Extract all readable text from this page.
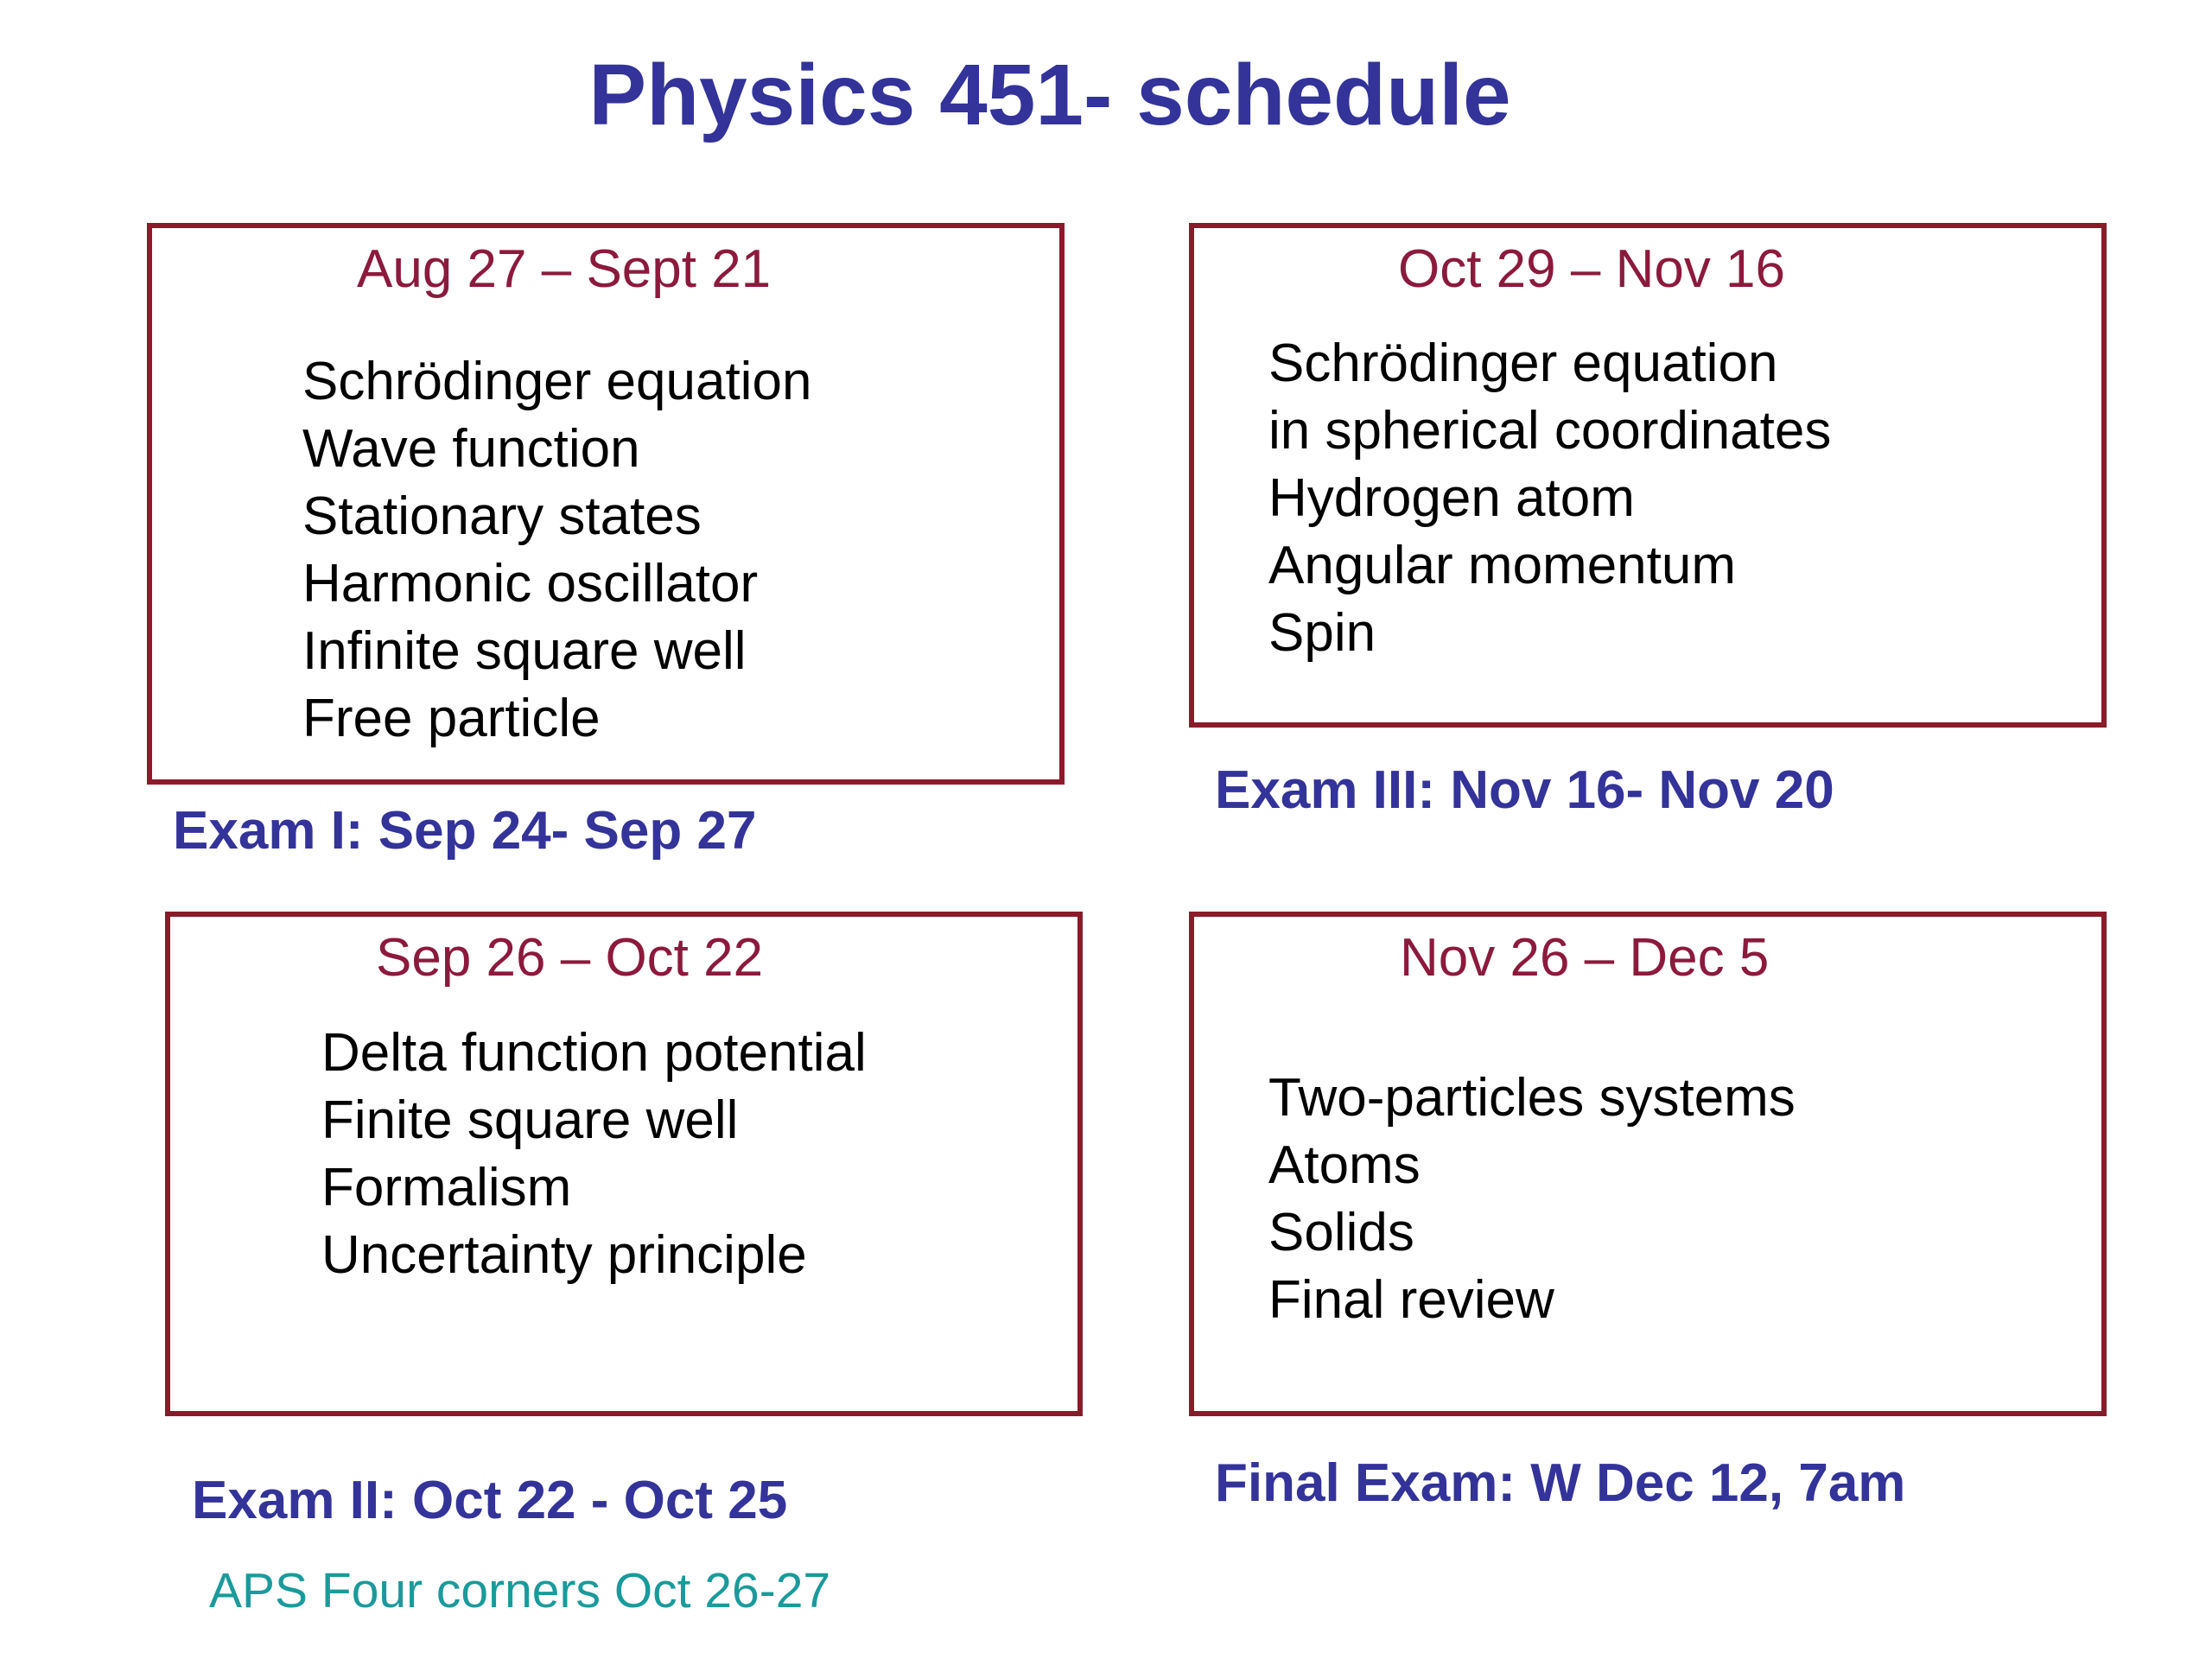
Physics 451- schedule
Aug 27 – Sept 21
Schrödinger equation
Wave function
Stationary states
Harmonic oscillator
Infinite square well
Free particle
Exam I: Sep 24- Sep 27
Oct 29 – Nov 16
Schrödinger equation
in spherical coordinates
Hydrogen atom
Angular momentum
Spin
Exam III: Nov 16- Nov 20
Sep 26 – Oct 22
Delta function potential
Finite square well
Formalism
Uncertainty principle
Exam II: Oct 22 - Oct 25
Nov 26 – Dec 5
Two-particles systems
Atoms
Solids
Final review
Final Exam: W Dec 12, 7am
APS Four corners Oct 26-27
